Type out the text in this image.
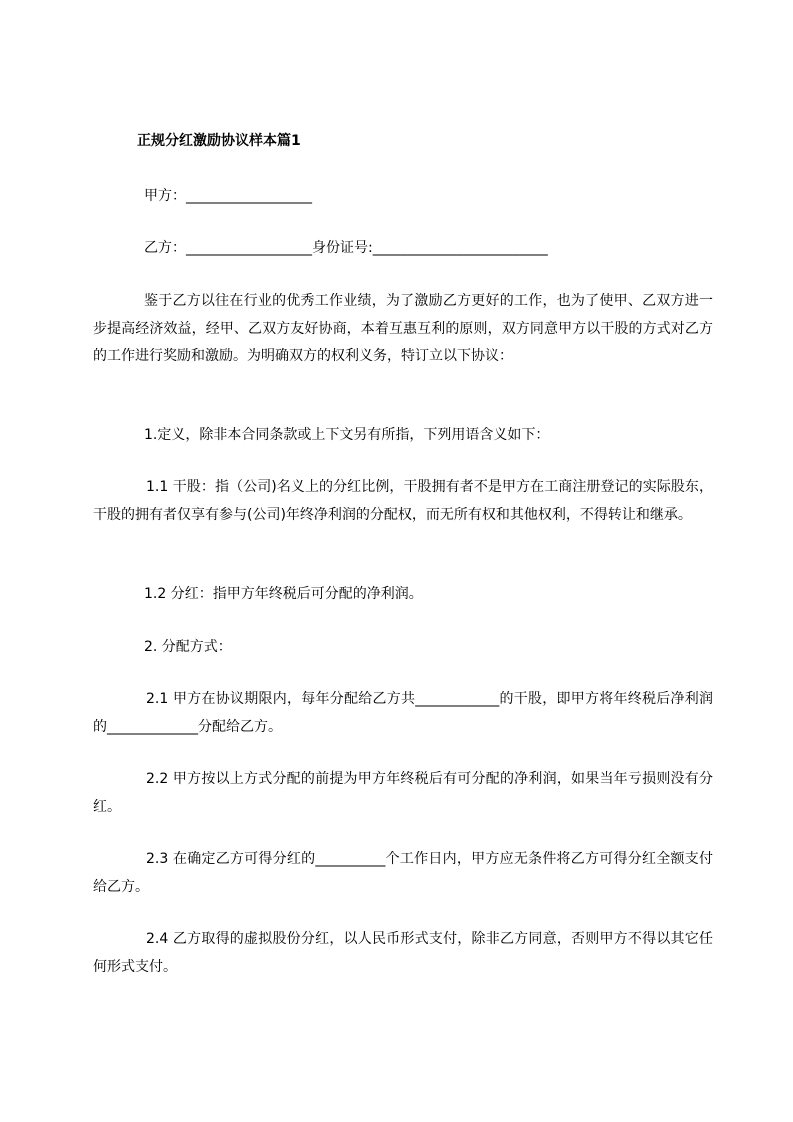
正规分红激励协议样本篇1
甲方：__________________
乙方：__________________身份证号:_________________________
鉴于乙方以往在行业的优秀工作业绩，为了激励乙方更好的工作，也为了使甲、乙双方进一步提高经济效益，经甲、乙双方友好协商，本着互惠互利的原则，双方同意甲方以干股的方式对乙方的工作进行奖励和激励。为明确双方的权利义务，特订立以下协议：
1.定义，除非本合同条款或上下文另有所指，下列用语含义如下：
1.1 干股：指（公司)名义上的分红比例，干股拥有者不是甲方在工商注册登记的实际股东，干股的拥有者仅享有参与(公司)年终净利润的分配权，而无所有权和其他权利，不得转让和继承。
1.2 分红：指甲方年终税后可分配的净利润。
2. 分配方式：
2.1 甲方在协议期限内，每年分配给乙方共____________的干股，即甲方将年终税后净利润的_____________分配给乙方。
2.2 甲方按以上方式分配的前提为甲方年终税后有可分配的净利润，如果当年亏损则没有分红。
2.3 在确定乙方可得分红的__________个工作日内，甲方应无条件将乙方可得分红全额支付给乙方。
2.4 乙方取得的虚拟股份分红，以人民币形式支付，除非乙方同意，否则甲方不得以其它任何形式支付。
